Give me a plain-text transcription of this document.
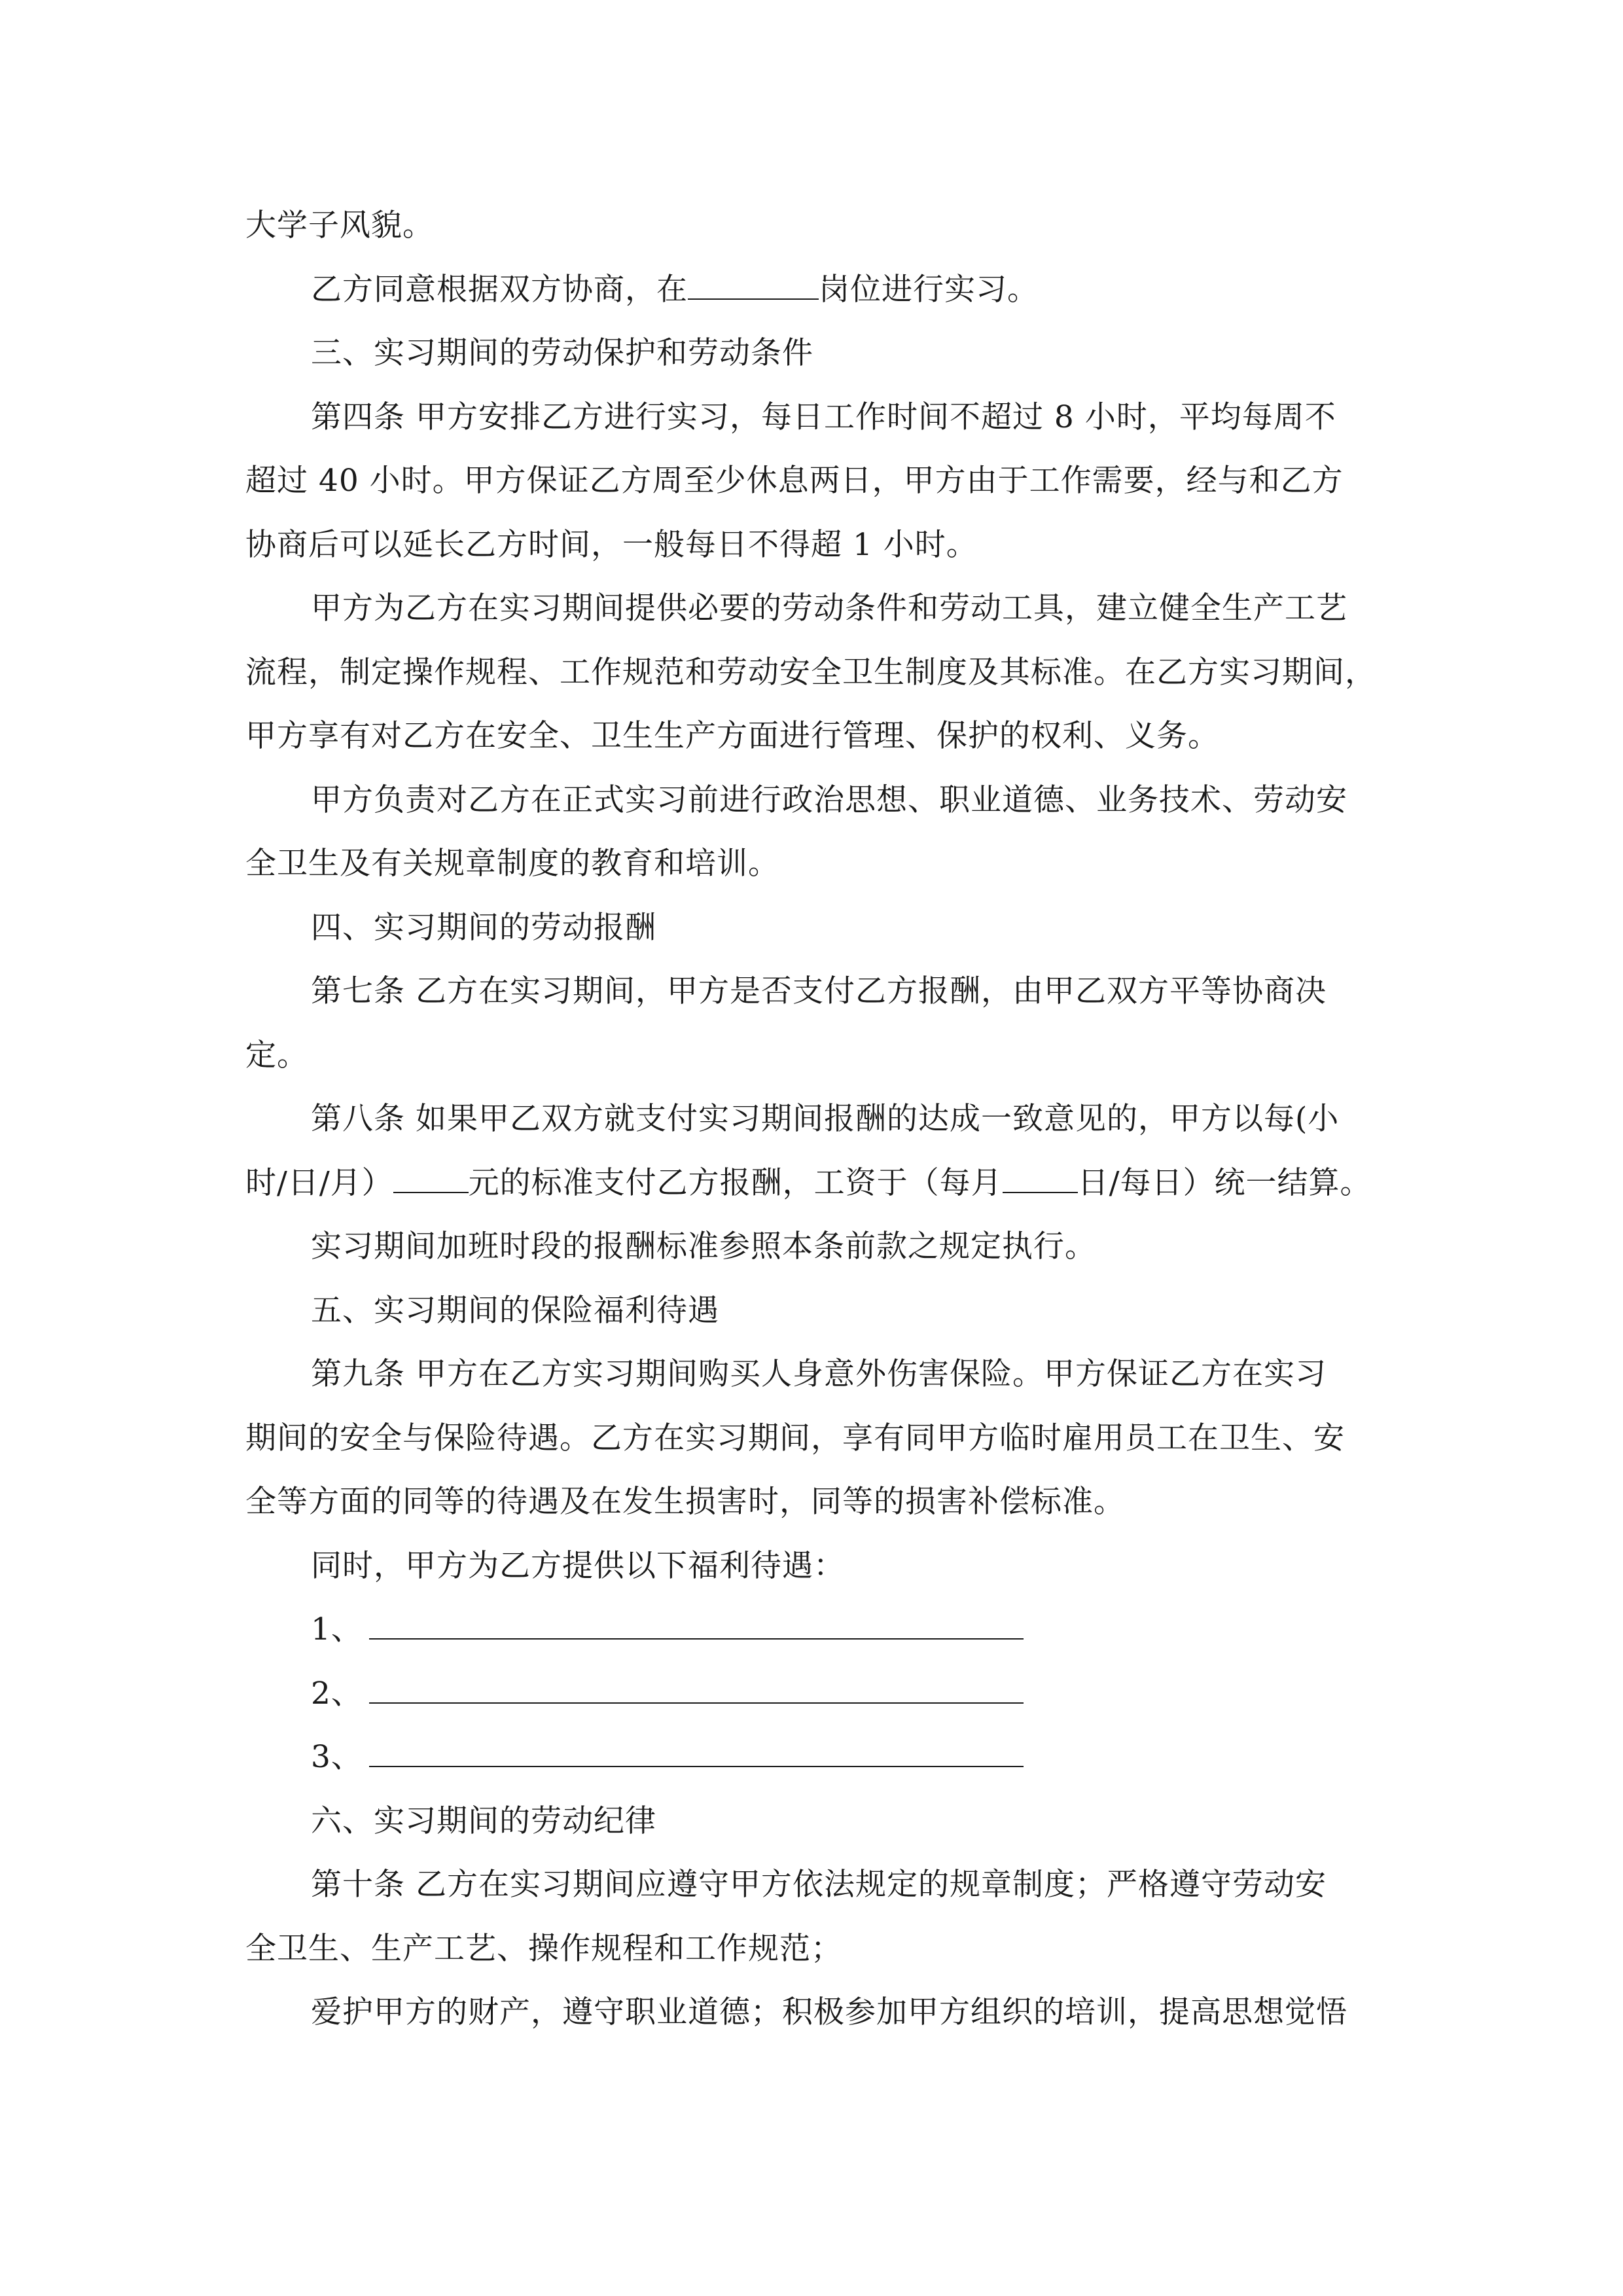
大学子风貌。
乙方同意根据双方协商，在	岗位进行实习。
三、实习期间的劳动保护和劳动条件
第四条 甲方安排乙方进行实习，每日工作时间不超过 8 小时，平均每周不
超过 40 小时。甲方保证乙方周至少休息两日，甲方由于工作需要，经与和乙方
协商后可以延长乙方时间，一般每日不得超 1 小时。
甲方为乙方在实习期间提供必要的劳动条件和劳动工具，建立健全生产工艺
流程，制定操作规程、工作规范和劳动安全卫生制度及其标准。在乙方实习期间，
甲方享有对乙方在安全、卫生生产方面进行管理、保护的权利、义务。
甲方负责对乙方在正式实习前进行政治思想、职业道德、业务技术、劳动安
全卫生及有关规章制度的教育和培训。
四、实习期间的劳动报酬
第七条 乙方在实习期间，甲方是否支付乙方报酬，由甲乙双方平等协商决
定。
第八条 如果甲乙双方就支付实习期间报酬的达成一致意见的，甲方以每(小
时/日/月） 元的标准支付乙方报酬，工资于（每月 日/每日）统一结算。
实习期间加班时段的报酬标准参照本条前款之规定执行。
五、实习期间的保险福利待遇
第九条 甲方在乙方实习期间购买人身意外伤害保险。甲方保证乙方在实习
期间的安全与保险待遇。乙方在实习期间，享有同甲方临时雇用员工在卫生、安
全等方面的同等的待遇及在发生损害时，同等的损害补偿标准。
同时，甲方为乙方提供以下福利待遇：
1、
2、
3、
六、实习期间的劳动纪律
第十条 乙方在实习期间应遵守甲方依法规定的规章制度；严格遵守劳动安
全卫生、生产工艺、操作规程和工作规范；
爱护甲方的财产，遵守职业道德；积极参加甲方组织的培训，提高思想觉悟
